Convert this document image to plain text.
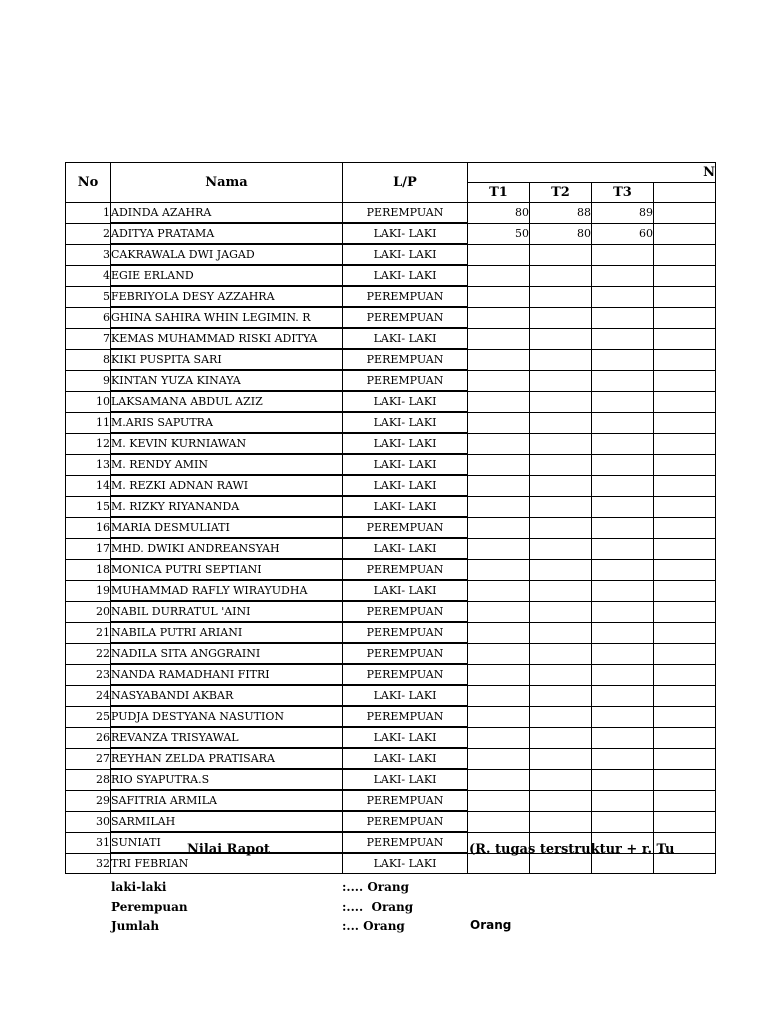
No	Nama	L/P	N			
			T1	T2	T3	
1	ADINDA AZAHRA	PEREMPUAN	80	88	89	
2	ADITYA PRATAMA	LAKI- LAKI	50	80	60	
3	CAKRAWALA DWI JAGAD	LAKI- LAKI				
4	EGIE ERLAND	LAKI- LAKI				
5	FEBRIYOLA DESY AZZAHRA	PEREMPUAN				
6	GHINA SAHIRA WHIN LEGIMIN. R	PEREMPUAN				
7	KEMAS MUHAMMAD RISKI ADITYA	LAKI- LAKI				
8	KIKI PUSPITA SARI	PEREMPUAN				
9	KINTAN YUZA KINAYA	PEREMPUAN				
10	LAKSAMANA ABDUL AZIZ	LAKI- LAKI				
11	M.ARIS SAPUTRA	LAKI- LAKI				
12	M. KEVIN KURNIAWAN	LAKI- LAKI				
13	M. RENDY AMIN	LAKI- LAKI				
14	M. REZKI ADNAN RAWI	LAKI- LAKI				
15	M. RIZKY RIYANANDA	LAKI- LAKI				
16	MARIA DESMULIATI	PEREMPUAN				
17	MHD. DWIKI ANDREANSYAH	LAKI- LAKI				
18	MONICA PUTRI SEPTIANI	PEREMPUAN				
19	MUHAMMAD RAFLY WIRAYUDHA	LAKI- LAKI				
20	NABIL DURRATUL 'AINI	PEREMPUAN				
21	NABILA PUTRI ARIANI	PEREMPUAN				
22	NADILA SITA ANGGRAINI	PEREMPUAN				
23	NANDA RAMADHANI FITRI	PEREMPUAN				
24	NASYABANDI AKBAR	LAKI- LAKI				
25	PUDJA DESTYANA NASUTION	PEREMPUAN				
26	REVANZA TRISYAWAL	LAKI- LAKI				
27	REYHAN ZELDA PRATISARA	LAKI- LAKI				
28	RIO SYAPUTRA.S	LAKI- LAKI				
29	SAFITRIA ARMILA	PEREMPUAN				
30	SARMILAH	PEREMPUAN				
31	SUNIATI	PEREMPUAN				
32	TRI FEBRIAN	LAKI- LAKI				
Nilai Rapot	(R. tugas terstruktur + r. Tu
laki-laki	:.... Orang
Perempuan	:....  Orang
Jumlah	:... Orang	Orang
